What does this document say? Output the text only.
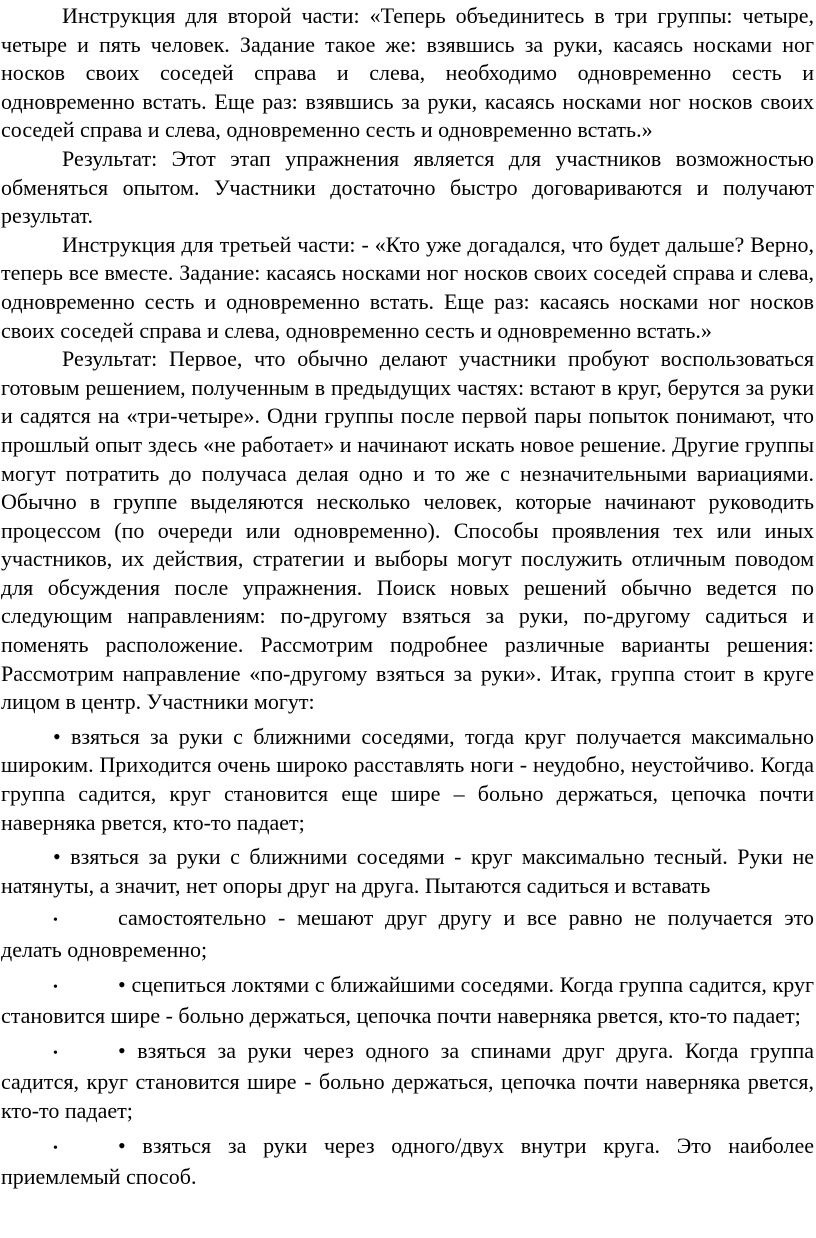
Инструкция для второй части: «Теперь объединитесь в три группы: четыре, четыре и пять человек. Задание такое же: взявшись за руки, касаясь носками ног носков своих соседей справа и слева, необходимо одновременно сесть и одновременно встать. Еще раз: взявшись за руки, касаясь носками ног носков своих соседей справа и слева, одновременно сесть и одновременно встать.»

Результат: Этот этап упражнения является для участников возможностью обменяться опытом. Участники достаточно быстро договариваются и получают результат.

Инструкция для третьей части: - «Кто уже догадался, что будет дальше? Верно, теперь все вместе. Задание: касаясь носками ног носков своих соседей справа и слева, одновременно сесть и одновременно встать. Еще раз: касаясь носками ног носков своих соседей справа и слева, одновременно сесть и одновременно встать.»

Результат: Первое, что обычно делают участники пробуют воспользоваться готовым решением, полученным в предыдущих частях: встают в круг, берутся за руки и садятся на «три-четыре». Одни группы после первой пары попыток понимают, что прошлый опыт здесь «не работает» и начинают искать новое решение. Другие группы могут потратить до получаса делая одно и то же с незначительными вариациями. Обычно в группе выделяются несколько человек, которые начинают руководить процессом (по очереди или одновременно). Способы проявления тех или иных участников, их действия, стратегии и выборы могут послужить отличным поводом для обсуждения после упражнения. Поиск новых решений обычно ведется по следующим направлениям: по-другому взяться за руки, по-другому садиться и поменять расположение. Рассмотрим подробнее различные варианты решения: Рассмотрим направление «по-другому взяться за руки». Итак, группа стоит в круге лицом в центр. Участники могут:

• взяться за руки с ближними соседями, тогда круг получается максимально широким. Приходится очень широко расставлять ноги - неудобно, неустойчиво. Когда группа садится, круг становится еще шире – больно держаться, цепочка почти наверняка рвется, кто-то падает;

• взяться за руки с ближними соседями - круг максимально тесный. Руки не натянуты, а значит, нет опоры друг на друга. Пытаются садиться и вставать

•	самостоятельно - мешают друг другу и все равно не получается это делать одновременно;

•	• сцепиться локтями с ближайшими соседями. Когда группа садится, круг становится шире - больно держаться, цепочка почти наверняка рвется, кто-то падает;

•	• взяться за руки через одного за спинами друг друга. Когда группа садится, круг становится шире - больно держаться, цепочка почти наверняка рвется, кто-то падает;

•	• взяться за руки через одного/двух внутри круга. Это наиболее приемлемый способ.
